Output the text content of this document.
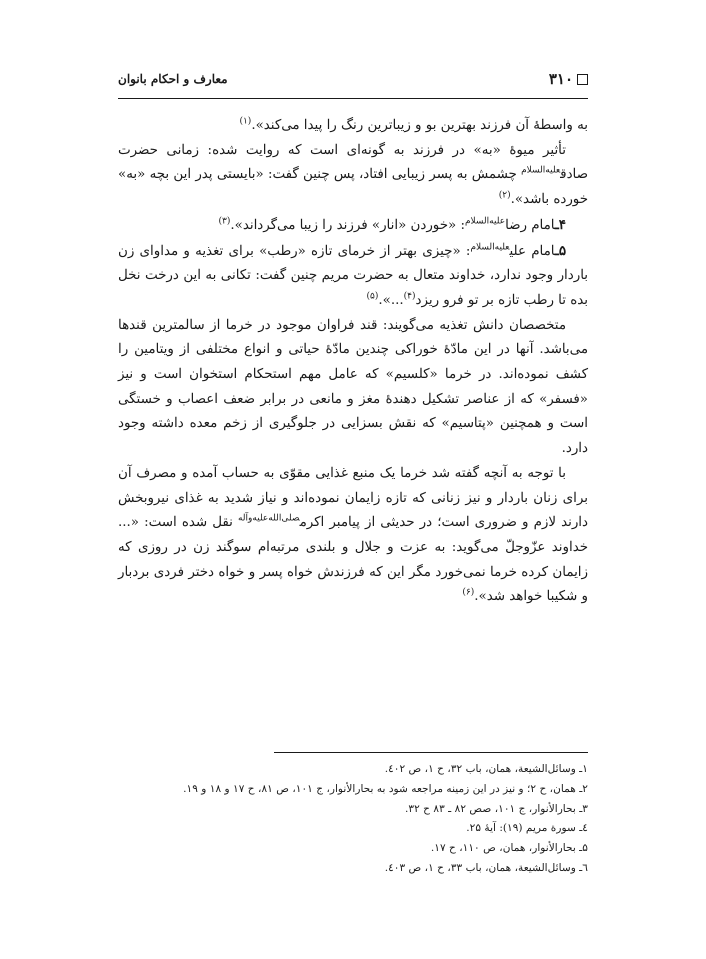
۳۱۰
معارف و احکام بانوان

به واسطهٔ آن فرزند بهترین بو و زیباترین رنگ را پیدا می‌کند».$^{(۱)}$

تأثیر میوهٔ «به» در فرزند به گونه‌ای است که روایت شده: زمانی حضرت صادق$^{علیه‌السلام}$ چشمش به پسر زیبایی افتاد، پس چنین گفت: «بایستی پدر این بچه «به» خورده باشد».$^{(۲)}$

۴ـامام رضا$^{علیه‌السلام}$: «خوردن «انار» فرزند را زیبا می‌گرداند».$^{(۳)}$

۵ـامام علی$^{علیه‌السلام}$: «چیزی بهتر از خرمای تازه «رطب» برای تغذیه و مداوای زن باردار وجود ندارد، خداوند متعال به حضرت مریم چنین گفت: تکانی به این درخت نخل بده تا رطب تازه بر تو فرو ریزد$^{(۴)}$...».$^{(۵)}$

متخصصان دانش تغذیه می‌گویند: قند فراوان موجود در خرما از سالمترین قندها می‌باشد. آنها در این مادّهٔ خوراکی چندین مادّهٔ حیاتی و انواع مختلفی از ویتامین را کشف نموده‌اند. در خرما «کلسیم» که عامل مهم استحکام استخوان است و نیز «فسفر» که از عناصر تشکیل دهندهٔ مغز و مانعی در برابر ضعف اعصاب و خستگی است و همچنین «پتاسیم» که نقش بسزایی در جلوگیری از زخم معده داشته وجود دارد.

با توجه به آنچه گفته شد خرما یک منبع غذایی مقوّی به حساب آمده و مصرف آن برای زنان باردار و نیز زنانی که تازه زایمان نموده‌اند و نیاز شدید به غذای نیروبخش دارند لازم و ضروری است؛ در حدیثی از پیامبر اکرم$^{صلی‌الله‌علیه‌وآله}$ نقل شده است: «... خداوند عزّوجلّ می‌گوید: به عزت و جلال و بلندی مرتبه‌ام سوگند زن در روزی که زایمان کرده خرما نمی‌خورد مگر این که فرزندش خواه پسر و خواه دختر فردی بردبار و شکیبا خواهد شد».$^{(۶)}$

۱ـ وسائل‌الشیعة، همان، باب ۳۲، ح ۱، ص ٤۰۲.
۲ـ همان، ح ۲؛ و نیز در این زمینه مراجعه شود به بحارالأنوار، ج ۱۰۱، ص ۸۱، ح ۱۷ و ۱۸ و ۱۹.
۳ـ بحارالأنوار، ج ۱۰۱، صص ۸۲ ـ ۸۳ ح ۳۲.
٤ـ سورة مریم (۱۹): آیهٔ ۲۵.
۵ـ بحارالأنوار، همان، ص ۱۱۰، ح ۱۷.
٦ـ وسائل‌الشیعة، همان، باب ۳۳، ح ۱، ص ٤۰۳.
